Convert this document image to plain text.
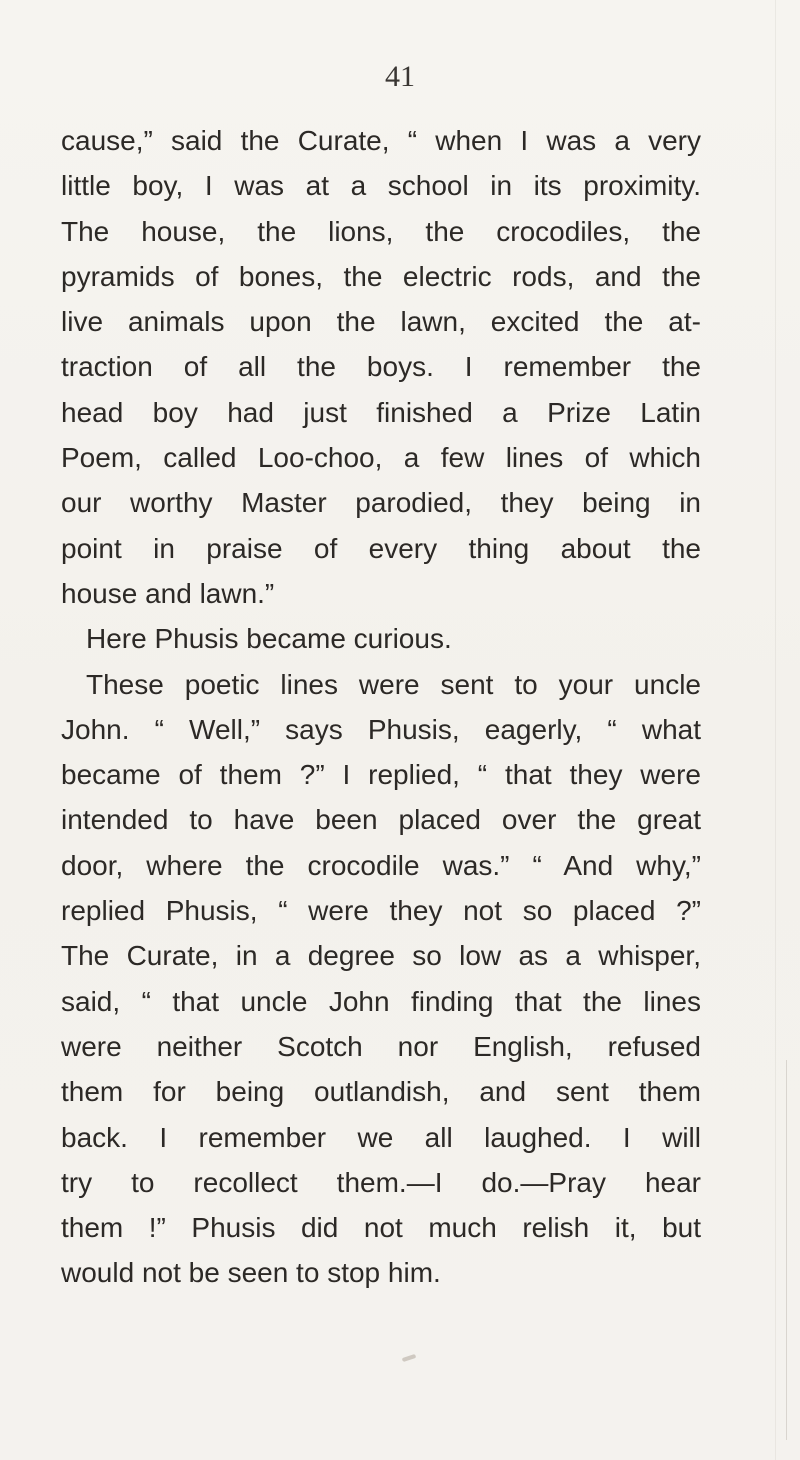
41
cause,” said the Curate, “ when I was a very
little boy, I was at a school in its proximity.
The house, the lions, the crocodiles, the
pyramids of bones, the electric rods, and the
live animals upon the lawn, excited the at-
traction of all the boys. I remember the
head boy had just finished a Prize Latin
Poem, called Loo-choo, a few lines of which
our worthy Master parodied, they being in
point in praise of every thing about the
house and lawn.”
Here Phusis became curious.
These poetic lines were sent to your uncle
John. “ Well,” says Phusis, eagerly, “ what
became of them ?” I replied, “ that they were
intended to have been placed over the great
door, where the crocodile was.” “ And why,”
replied Phusis, “ were they not so placed ?”
The Curate, in a degree so low as a whisper,
said, “ that uncle John finding that the lines
were neither Scotch nor English, refused
them for being outlandish, and sent them
back. I remember we all laughed. I will
try to recollect them.—I do.—Pray hear
them !” Phusis did not much relish it, but
would not be seen to stop him.
